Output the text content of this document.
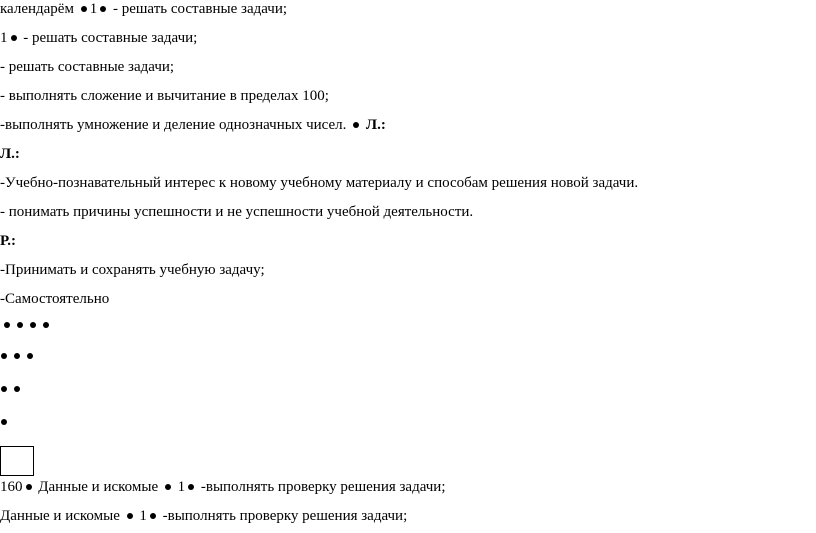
календарём 1 - решать составные задачи;
1 - решать составные задачи;
- решать составные задачи;
- выполнять сложение и вычитание в пределах 100;
-выполнять умножение и деление однозначных чисел. Л.:
Л.:
-Учебно-познавательный интерес к новому учебному материалу и способам решения новой задачи.
- понимать причины успешности и не успешности учебной деятельности.
Р.:
-Принимать и сохранять учебную задачу;
-Самостоятельно
160 Данные и искомые 1 -выполнять проверку решения задачи;
Данные и искомые 1 -выполнять проверку решения задачи;
